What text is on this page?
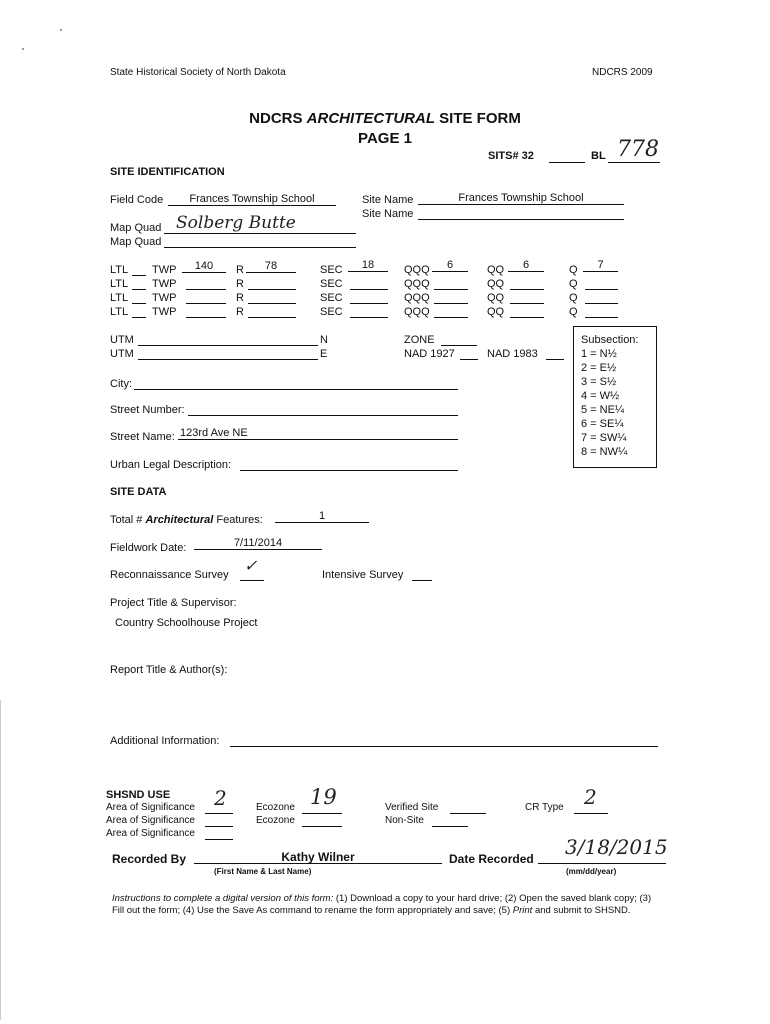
State Historical Society of North Dakota	NDCRS 2009
NDCRS ARCHITECTURAL SITE FORM
PAGE 1
SITS# 32	BL 778
SITE IDENTIFICATION
Field Code	Frances Township School	Site Name	Frances Township School
Site Name
Map Quad Solberg Butte
Map Quad
LTL TWP	140	R	78	SEC	18	QQQ	6	QQ	6	Q	7
LTL TWP	R	SEC	QQQ	QQ	Q
LTL TWP	R	SEC	QQQ	QQ	Q
LTL TWP	R	SEC	QQQ	QQ	Q
UTM	N
UTM	E
ZONE
NAD 1927	NAD 1983
Subsection:
1 = N½
2 = E½
3 = S½
4 = W½
5 = NE¼
6 = SE¼
7 = SW¼
8 = NW¼
City:
Street Number:
Street Name: 123rd Ave NE
Urban Legal Description:
SITE DATA
Total # Architectural Features:	1
Fieldwork Date:	7/11/2014
Reconnaissance Survey ✓	Intensive Survey
Project Title & Supervisor:
Country Schoolhouse Project
Report Title & Author(s):
Additional Information:
SHSND USE
Area of Significance 2
Area of Significance
Area of Significance
Ecozone 19
Ecozone
Verified Site
Non-Site
CR Type 2
Recorded By	Kathy Wilner
(First Name & Last Name)
Date Recorded 3/18/2015
(mm/dd/year)
Instructions to complete a digital version of this form: (1) Download a copy to your hard drive; (2) Open the saved blank copy; (3) Fill out the form; (4) Use the Save As command to rename the form appropriately and save; (5) Print and submit to SHSND.
